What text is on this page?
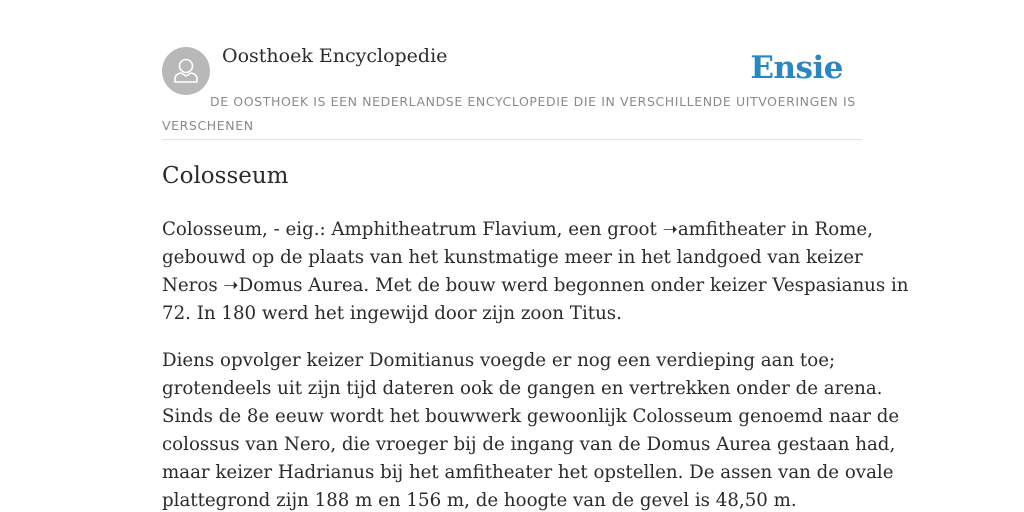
Oosthoek Encyclopedie	Ensie
DE OOSTHOEK IS EEN NEDERLANDSE ENCYCLOPEDIE DIE IN VERSCHILLENDE UITVOERINGEN IS VERSCHENEN
Colosseum

Colosseum, - eig.: Amphitheatrum Flavium, een groot ➝amfitheater in Rome,
gebouwd op de plaats van het kunstmatige meer in het landgoed van keizer
Neros ➝Domus Aurea. Met de bouw werd begonnen onder keizer Vespasianus in
72. In 180 werd het ingewijd door zijn zoon Titus.

Diens opvolger keizer Domitianus voegde er nog een verdieping aan toe;
grotendeels uit zijn tijd dateren ook de gangen en vertrekken onder de arena.
Sinds de 8e eeuw wordt het bouwwerk gewoonlijk Colosseum genoemd naar de
colossus van Nero, die vroeger bij de ingang van de Domus Aurea gestaan had,
maar keizer Hadrianus bij het amfitheater het opstellen. De assen van de ovale
plattegrond zijn 188 m en 156 m, de hoogte van de gevel is 48,50 m.
